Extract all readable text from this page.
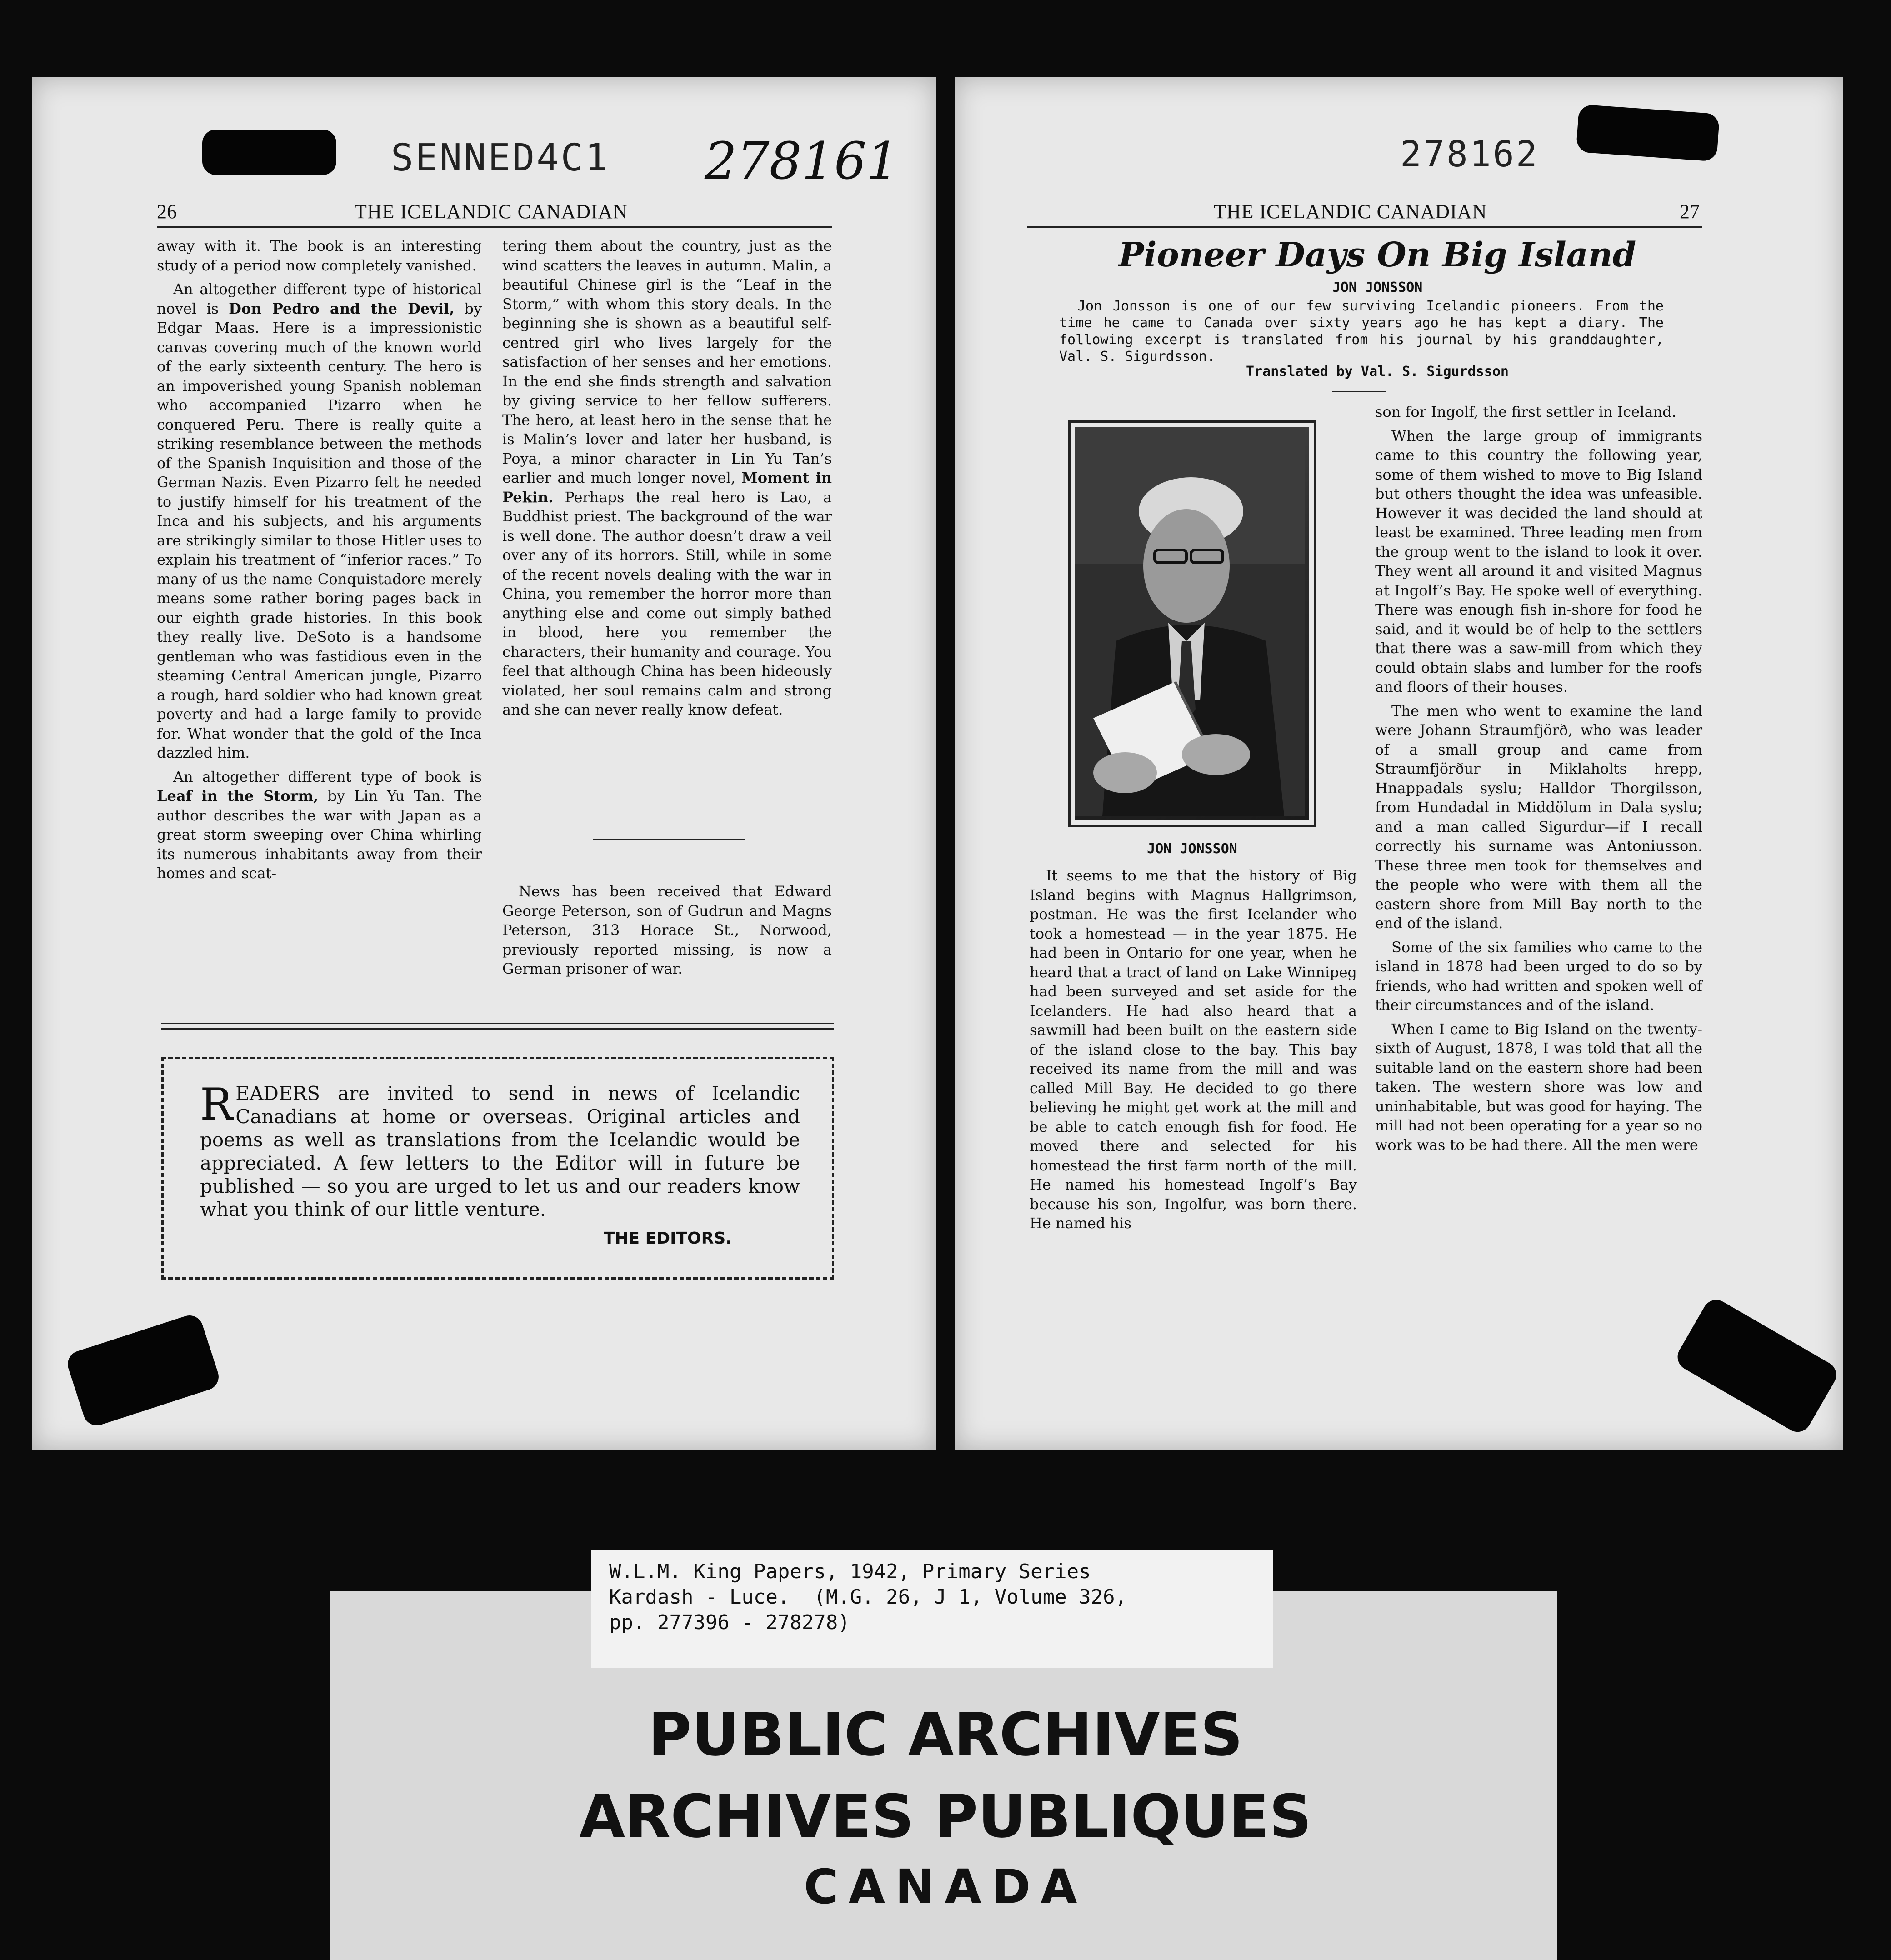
SENNED4C1 278161
26	THE ICELANDIC CANADIAN

away with it. The book is an interesting study of a period now completely vanished.

An altogether different type of historical novel is Don Pedro and the Devil, by Edgar Maas. Here is a impressionistic canvas covering much of the known world of the early sixteenth century. The hero is an impoverished young Spanish nobleman who accompanied Pizarro when he conquered Peru. There is really quite a striking resemblance between the methods of the Spanish Inquisition and those of the German Nazis. Even Pizarro felt he needed to justify himself for his treatment of the Inca and his subjects, and his arguments are strikingly similar to those Hitler uses to explain his treatment of “inferior races.” To many of us the name Conquistadore merely means some rather boring pages back in our eighth grade histories. In this book they really live. DeSoto is a handsome gentleman who was fastidious even in the steaming Central American jungle, Pizarro a rough, hard soldier who had known great poverty and had a large family to provide for. What wonder that the gold of the Inca dazzled him.

An altogether different type of book is Leaf in the Storm, by Lin Yu Tan. The author describes the war with Japan as a great storm sweeping over China whirling its numerous inhabitants away from their homes and scat-

tering them about the country, just as the wind scatters the leaves in autumn. Malin, a beautiful Chinese girl is the “Leaf in the Storm,” with whom this story deals. In the beginning she is shown as a beautiful self-centred girl who lives largely for the satisfaction of her senses and her emotions. In the end she finds strength and salvation by giving service to her fellow sufferers. The hero, at least hero in the sense that he is Malin’s lover and later her husband, is Poya, a minor character in Lin Yu Tan’s earlier and much longer novel, Moment in Pekin. Perhaps the real hero is Lao, a Buddhist priest. The background of the war is well done. The author doesn’t draw a veil over any of its horrors. Still, while in some of the recent novels dealing with the war in China, you remember the horror more than anything else and come out simply bathed in blood, here you remember the characters, their humanity and courage. You feel that although China has been hideously violated, her soul remains calm and strong and she can never really know defeat.

News has been received that Edward George Peterson, son of Gudrun and Magns Peterson, 313 Horace St., Norwood, previously reported missing, is now a German prisoner of war.

READERS are invited to send in news of Icelandic Canadians at home or overseas. Original articles and poems as well as translations from the Icelandic would be appreciated. A few letters to the Editor will in future be published — so you are urged to let us and our readers know what you think of our little venture.
THE EDITORS.
278162
THE ICELANDIC CANADIAN	27
Pioneer Days On Big Island
JON JONSSON

Jon Jonsson is one of our few surviving Icelandic pioneers. From the time he came to Canada over sixty years ago he has kept a diary. The following excerpt is translated from his journal by his granddaughter, Val. S. Sigurdsson.

Translated by Val. S. Sigurdsson
JON JONSSON

It seems to me that the history of Big Island begins with Magnus Hallgrimson, postman. He was the first Icelander who took a homestead — in the year 1875. He had been in Ontario for one year, when he heard that a tract of land on Lake Winnipeg had been surveyed and set aside for the Icelanders. He had also heard that a sawmill had been built on the eastern side of the island close to the bay. This bay received its name from the mill and was called Mill Bay. He decided to go there believing he might get work at the mill and be able to catch enough fish for food. He moved there and selected for his homestead the first farm north of the mill. He named his homestead Ingolf’s Bay because his son, Ingolfur, was born there. He named his

son for Ingolf, the first settler in Iceland.

When the large group of immigrants came to this country the following year, some of them wished to move to Big Island but others thought the idea was unfeasible. However it was decided the land should at least be examined. Three leading men from the group went to the island to look it over. They went all around it and visited Magnus at Ingolf’s Bay. He spoke well of everything. There was enough fish in-shore for food he said, and it would be of help to the settlers that there was a saw-mill from which they could obtain slabs and lumber for the roofs and floors of their houses.

The men who went to examine the land were Johann Straumfjörð, who was leader of a small group and came from Straumfjörður in Miklaholts hrepp, Hnappadals syslu; Halldor Thorgilsson, from Hundadal in Middölum in Dala syslu; and a man called Sigurdur—if I recall correctly his surname was Antoniusson. These three men took for themselves and the people who were with them all the eastern shore from Mill Bay north to the end of the island.

Some of the six families who came to the island in 1878 had been urged to do so by friends, who had written and spoken well of their circumstances and of the island.

When I came to Big Island on the twenty-sixth of August, 1878, I was told that all the suitable land on the eastern shore had been taken. The western shore was low and uninhabitable, but was good for haying. The mill had not been operating for a year so no work was to be had there. All the men were

W.L.M. King Papers, 1942, Primary Series
Kardash - Luce.  (M.G. 26, J 1, Volume 326,
pp. 277396 - 278278)
PUBLIC ARCHIVES
ARCHIVES PUBLIQUES
CANADA
